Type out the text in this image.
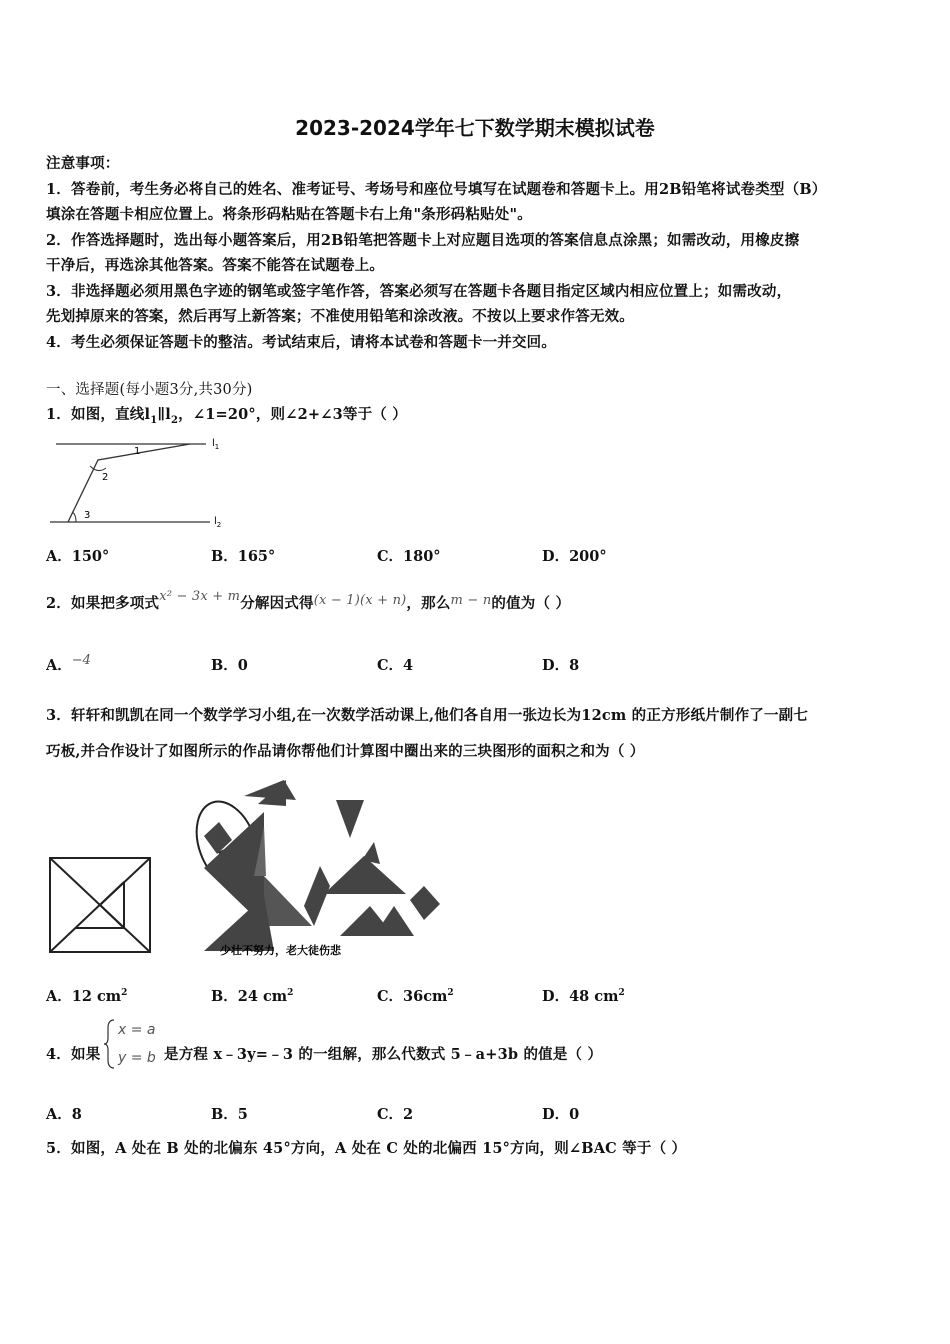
2023-2024学年七下数学期末模拟试卷
注意事项：
1．答卷前，考生务必将自己的姓名、准考证号、考场号和座位号填写在试题卷和答题卡上。用2B铅笔将试卷类型（B）
填涂在答题卡相应位置上。将条形码粘贴在答题卡右上角"条形码粘贴处"。
2．作答选择题时，选出每小题答案后，用2B铅笔把答题卡上对应题目选项的答案信息点涂黑；如需改动，用橡皮擦
干净后，再选涂其他答案。答案不能答在试题卷上。
3．非选择题必须用黑色字迹的钢笔或签字笔作答，答案必须写在答题卡各题目指定区域内相应位置上；如需改动，
先划掉原来的答案，然后再写上新答案；不准使用铅笔和涂改液。不按以上要求作答无效。
4．考生必须保证答题卡的整洁。考试结束后，请将本试卷和答题卡一并交回。
一、选择题(每小题3分,共30分)
1．如图，直线$l_1\parallel l_2$，∠1=20°，则∠2+∠3等于（ ）
$l_1$
$l_2$
1
2
3
A．150°	B．165°	C．180°	D．200°
2．如果把多项式x² − 3x + m分解因式得(x − 1)(x + n)，那么m − n的值为（ ）
A．−4	B．0	C．4	D．8
3．轩轩和凯凯在同一个数学学习小组,在一次数学活动课上,他们各自用一张边长为12cm 的正方形纸片制作了一副七
巧板,并合作设计了如图所示的作品请你帮他们计算图中圈出来的三块图形的面积之和为（ ）
少壮不努力，老大徒伤悲
A．12 $cm^2$	B．24 $cm^2$	C．$36cm^2$	D．48 $cm^2$
4．如果
x = a
y = b 是方程 x﹣3y=﹣3 的一组解，那么代数式 5﹣a+3b 的值是（ ）
A．8	B．5	C．2	D．0
5．如图，A 处在 B 处的北偏东 45°方向，A 处在 C 处的北偏西 15°方向，则∠BAC 等于（ ）
